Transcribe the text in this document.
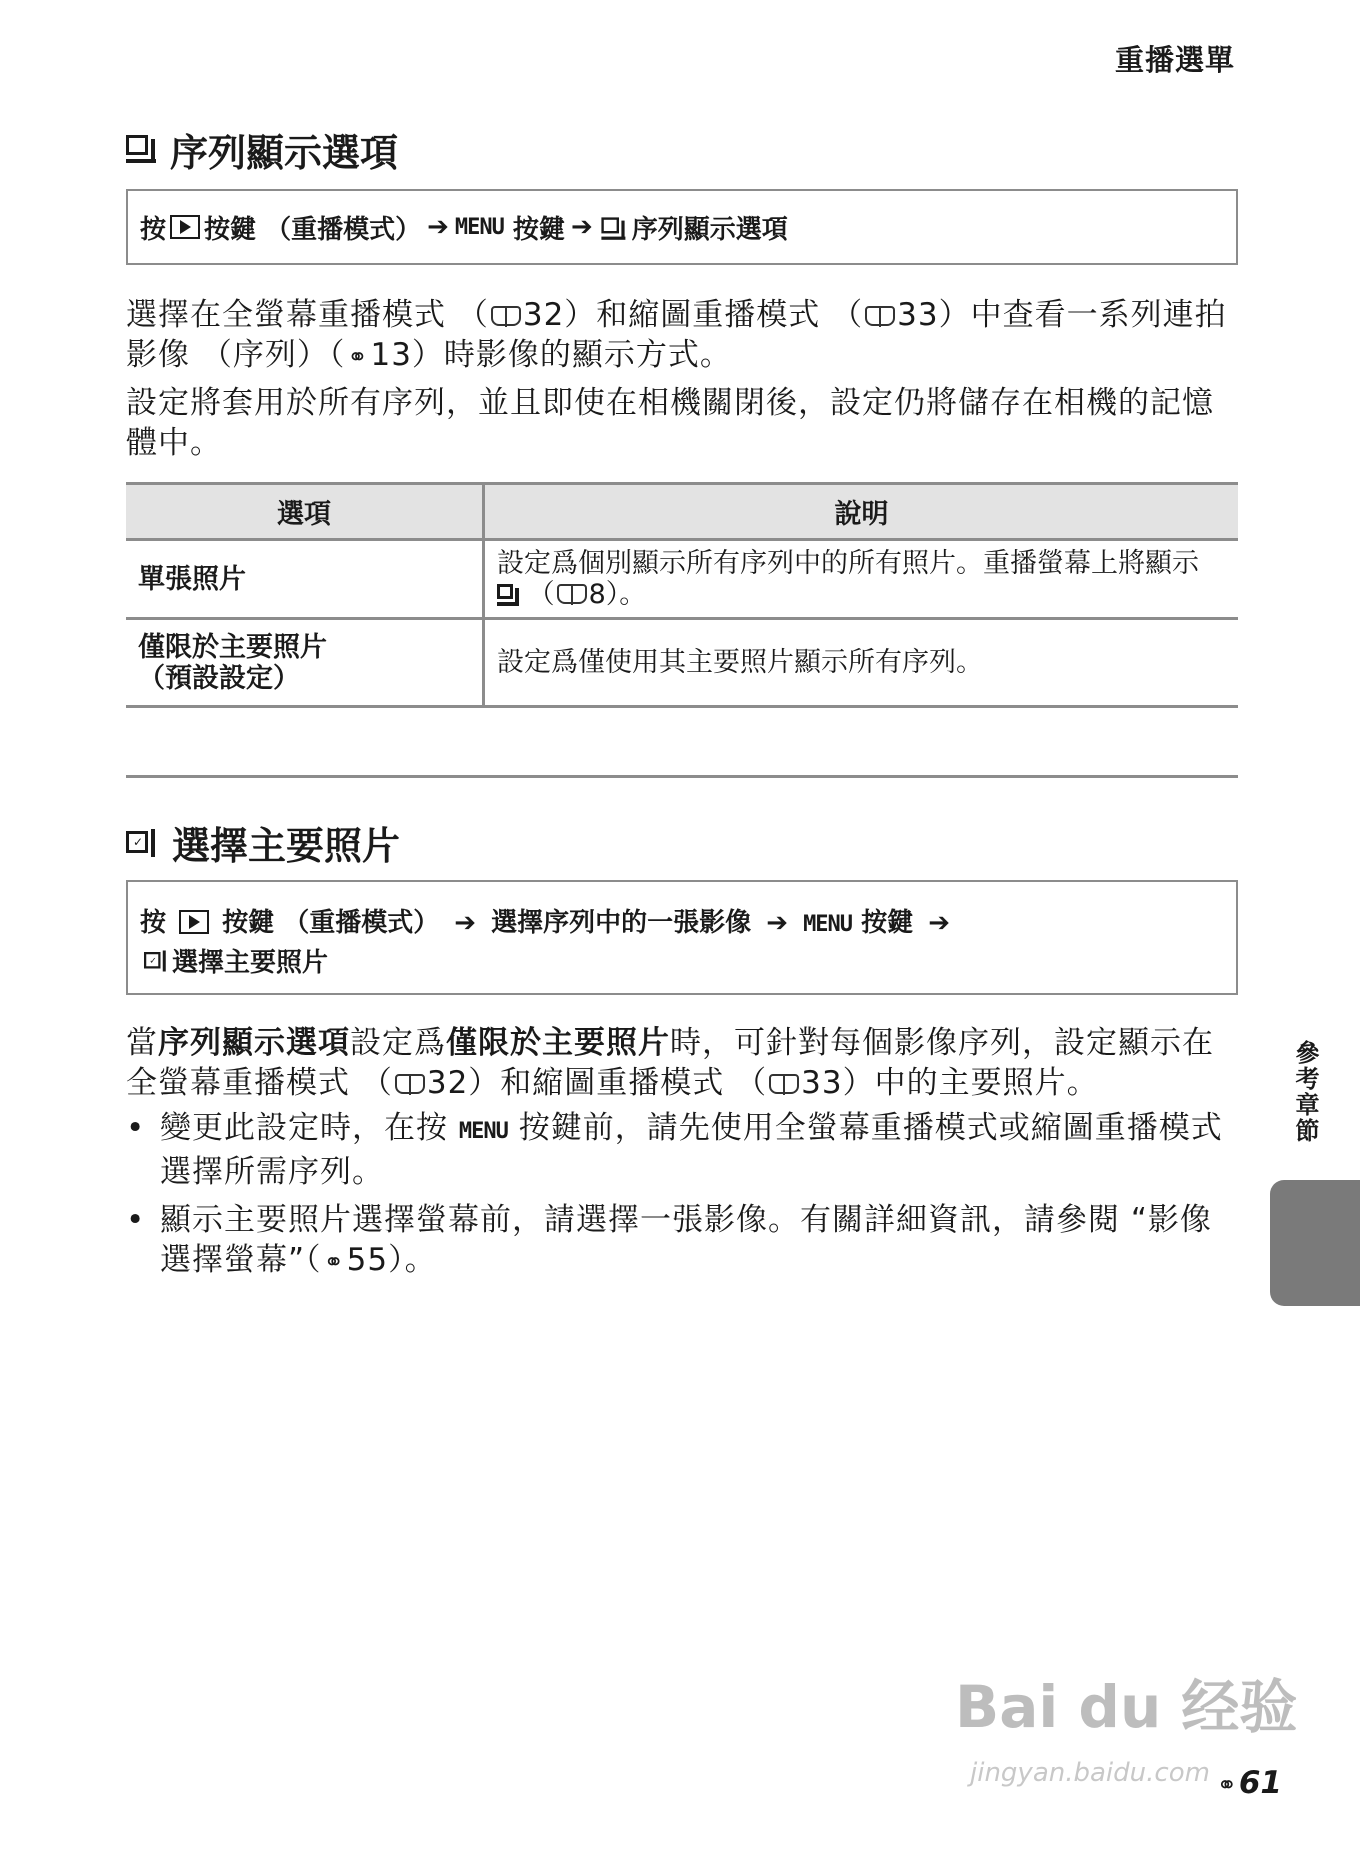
重播選單
序列顯示選項
按 按鍵 （重播模式） ➔ MENU
按鍵 ➔
序列顯示選項
選擇在全螢幕重播模式 （ 32）和縮圖重播模式 （ 33）中查看一系列連拍影像 （序列）（⚭13）時影像的顯示方式。
設定將套用於所有序列，並且即使在相機關閉後，設定仍將儲存在相機的記憶體中。
選項	說明
單張照片	設定爲個別顯示所有序列中的所有照片。重播螢幕上將顯示
（ 8）。

僅限於主要照片
（預設設定）	設定爲僅使用其主要照片顯示所有序列。
✓ 選擇主要照片
按 按鍵 （重播模式） ➔ 選擇序列中的一張影像 ➔ MENU 按鍵 ➔

✓ 選擇主要照片
當序列顯示選項設定爲僅限於主要照片時，可針對每個影像序列，設定顯示在全螢幕重播模式 （ 32）和縮圖重播模式 （ 33）中的主要照片。
• 變更此設定時，在按 MENU 按鍵前，請先使用全螢幕重播模式或縮圖重播模式選擇所需序列。
• 顯示主要照片選擇螢幕前，請選擇一張影像。有關詳細資訊，請參閱 “影像選擇螢幕”（⚭55）。
參考章節
Bai du 经验
jingyan.baidu.com ⚭61
